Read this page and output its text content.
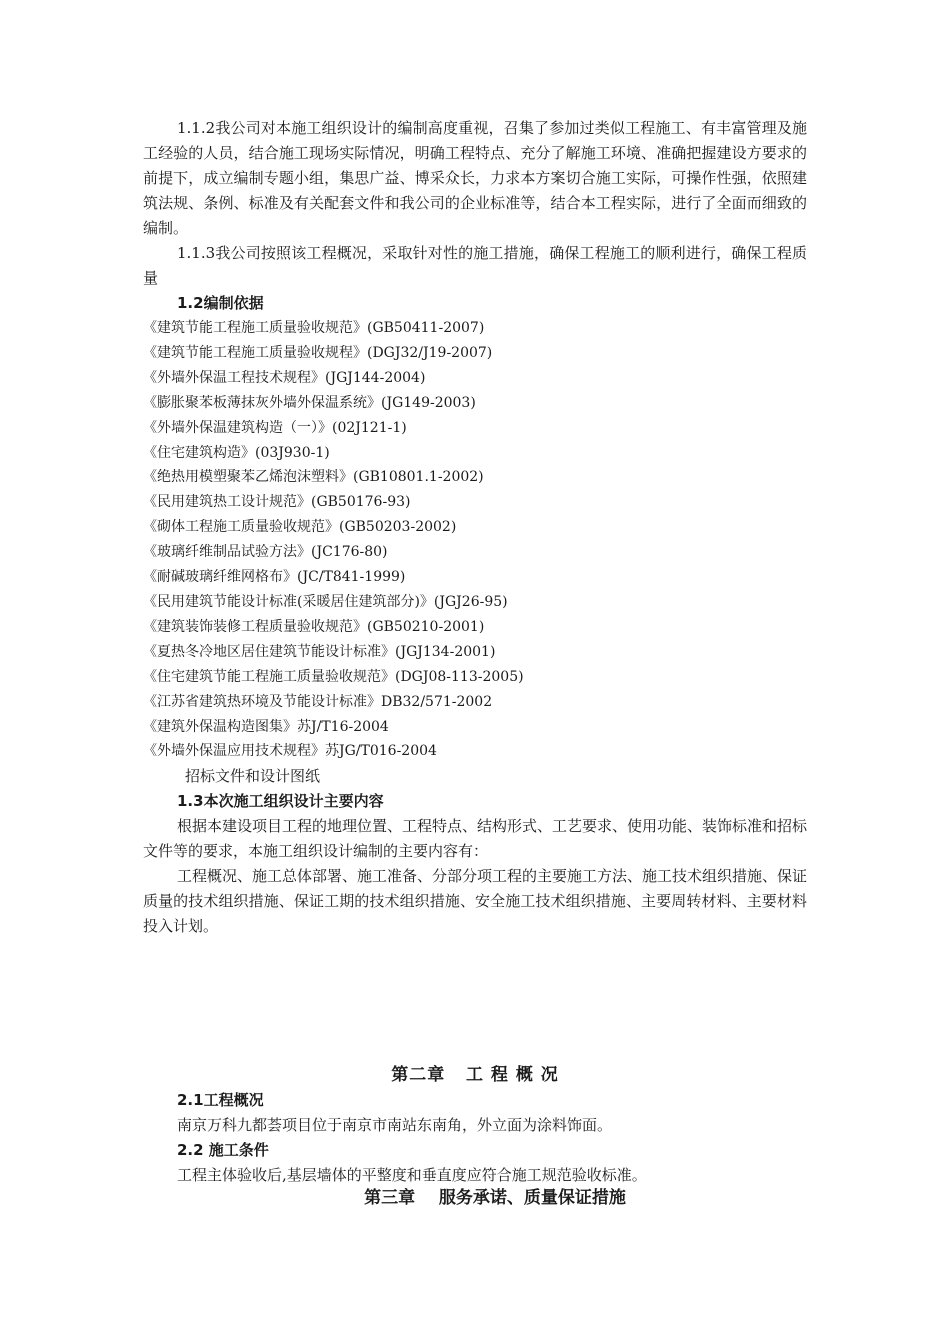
1.1.2我公司对本施工组织设计的编制高度重视，召集了参加过类似工程施工、有丰富管理及施工经验的人员，结合施工现场实际情况，明确工程特点、充分了解施工环境、准确把握建设方要求的前提下，成立编制专题小组，集思广益、博采众长，力求本方案切合施工实际，可操作性强，依照建筑法规、条例、标准及有关配套文件和我公司的企业标准等，结合本工程实际，进行了全面而细致的编制。

1.1.3我公司按照该工程概况，采取针对性的施工措施，确保工程施工的顺利进行，确保工程质量

1.2编制依据

《建筑节能工程施工质量验收规范》(GB50411-2007)
《建筑节能工程施工质量验收规程》(DGJ32/J19-2007)
《外墙外保温工程技术规程》(JGJ144-2004)
《膨胀聚苯板薄抹灰外墙外保温系统》(JG149-2003)
《外墙外保温建筑构造（一）》(02J121-1)
《住宅建筑构造》(03J930-1)
《绝热用模塑聚苯乙烯泡沫塑料》(GB10801.1-2002)
《民用建筑热工设计规范》(GB50176-93)
《砌体工程施工质量验收规范》(GB50203-2002)
《玻璃纤维制品试验方法》(JC176-80)
《耐碱玻璃纤维网格布》(JC/T841-1999)
《民用建筑节能设计标准(采暖居住建筑部分)》(JGJ26-95)
《建筑装饰装修工程质量验收规范》(GB50210-2001)
《夏热冬冷地区居住建筑节能设计标准》(JGJ134-2001)
《住宅建筑节能工程施工质量验收规范》(DGJ08-113-2005)
《江苏省建筑热环境及节能设计标准》DB32/571-2002
《建筑外保温构造图集》苏J/T16-2004
《外墙外保温应用技术规程》苏JG/T016-2004
招标文件和设计图纸

1.3本次施工组织设计主要内容

根据本建设项目工程的地理位置、工程特点、结构形式、工艺要求、使用功能、装饰标准和招标文件等的要求，本施工组织设计编制的主要内容有：

工程概况、施工总体部署、施工准备、分部分项工程的主要施工方法、施工技术组织措施、保证质量的技术组织措施、保证工期的技术组织措施、安全施工技术组织措施、主要周转材料、主要材料投入计划。

第二章   工 程 概 况

2.1工程概况

南京万科九都荟项目位于南京市南站东南角，外立面为涂料饰面。

2.2 施工条件

工程主体验收后,基层墙体的平整度和垂直度应符合施工规范验收标准。

第三章    服务承诺、质量保证措施
